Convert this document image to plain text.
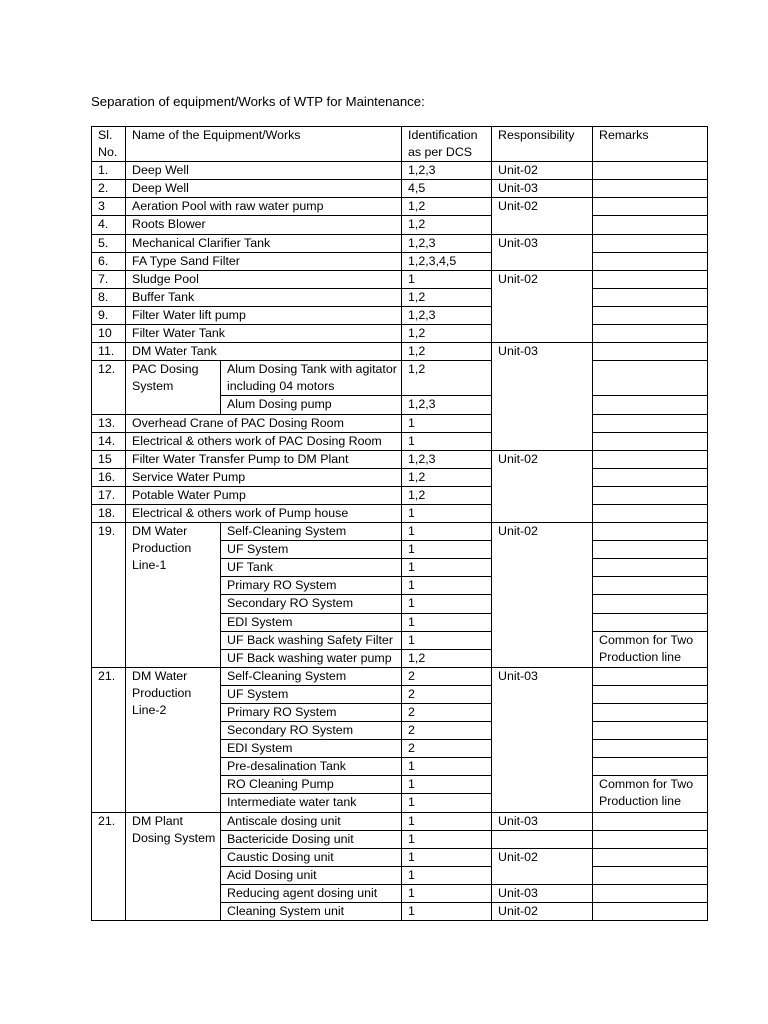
Separation of equipment/Works of WTP for Maintenance:
Sl. No.	Name of the Equipment/Works		Identification as per DCS	Responsibility	Remarks
1.	Deep Well		1,2,3	Unit-02	
2.	Deep Well		4,5	Unit-03	
3	Aeration Pool with raw water pump		1,2	Unit-02	
4.	Roots Blower		1,2		
5.	Mechanical Clarifier Tank		1,2,3	Unit-03	
6.	FA Type Sand Filter		1,2,3,4,5		
7.	Sludge Pool		1	Unit-02	
8.	Buffer Tank		1,2		
9.	Filter Water lift pump		1,2,3		
10	Filter Water Tank		1,2		
11.	DM Water Tank		1,2	Unit-03	
12.	PAC Dosing System	Alum Dosing Tank with agitator including 04 motors	1,2		
		Alum Dosing pump	1,2,3		
13.	Overhead Crane of PAC Dosing Room		1		
14.	Electrical & others work of PAC Dosing Room		1		
15	Filter Water Transfer Pump to DM Plant		1,2,3	Unit-02	
16.	Service Water Pump		1,2		
17.	Potable Water Pump		1,2		
18.	Electrical & others work of Pump house		1		
19.	DM Water Production Line-1	Self-Cleaning System	1	Unit-02	
		UF System	1		
		UF Tank	1		
		Primary RO System	1		
		Secondary RO System	1		
		EDI System	1		
		UF Back washing Safety Filter	1		Common for Two Production line
		UF Back washing water pump	1,2		
21.	DM Water Production Line-2	Self-Cleaning System	2	Unit-03	
		UF System	2		
		Primary RO System	2		
		Secondary RO System	2		
		EDI System	2		
		Pre-desalination Tank	1		
		RO Cleaning Pump	1		Common for Two Production line
		Intermediate water tank	1		
21.	DM Plant Dosing System	Antiscale dosing unit	1	Unit-03	
		Bactericide Dosing unit	1		
		Caustic Dosing unit	1	Unit-02	
		Acid Dosing unit	1		
		Reducing agent dosing unit	1	Unit-03	
		Cleaning System unit	1	Unit-02	
